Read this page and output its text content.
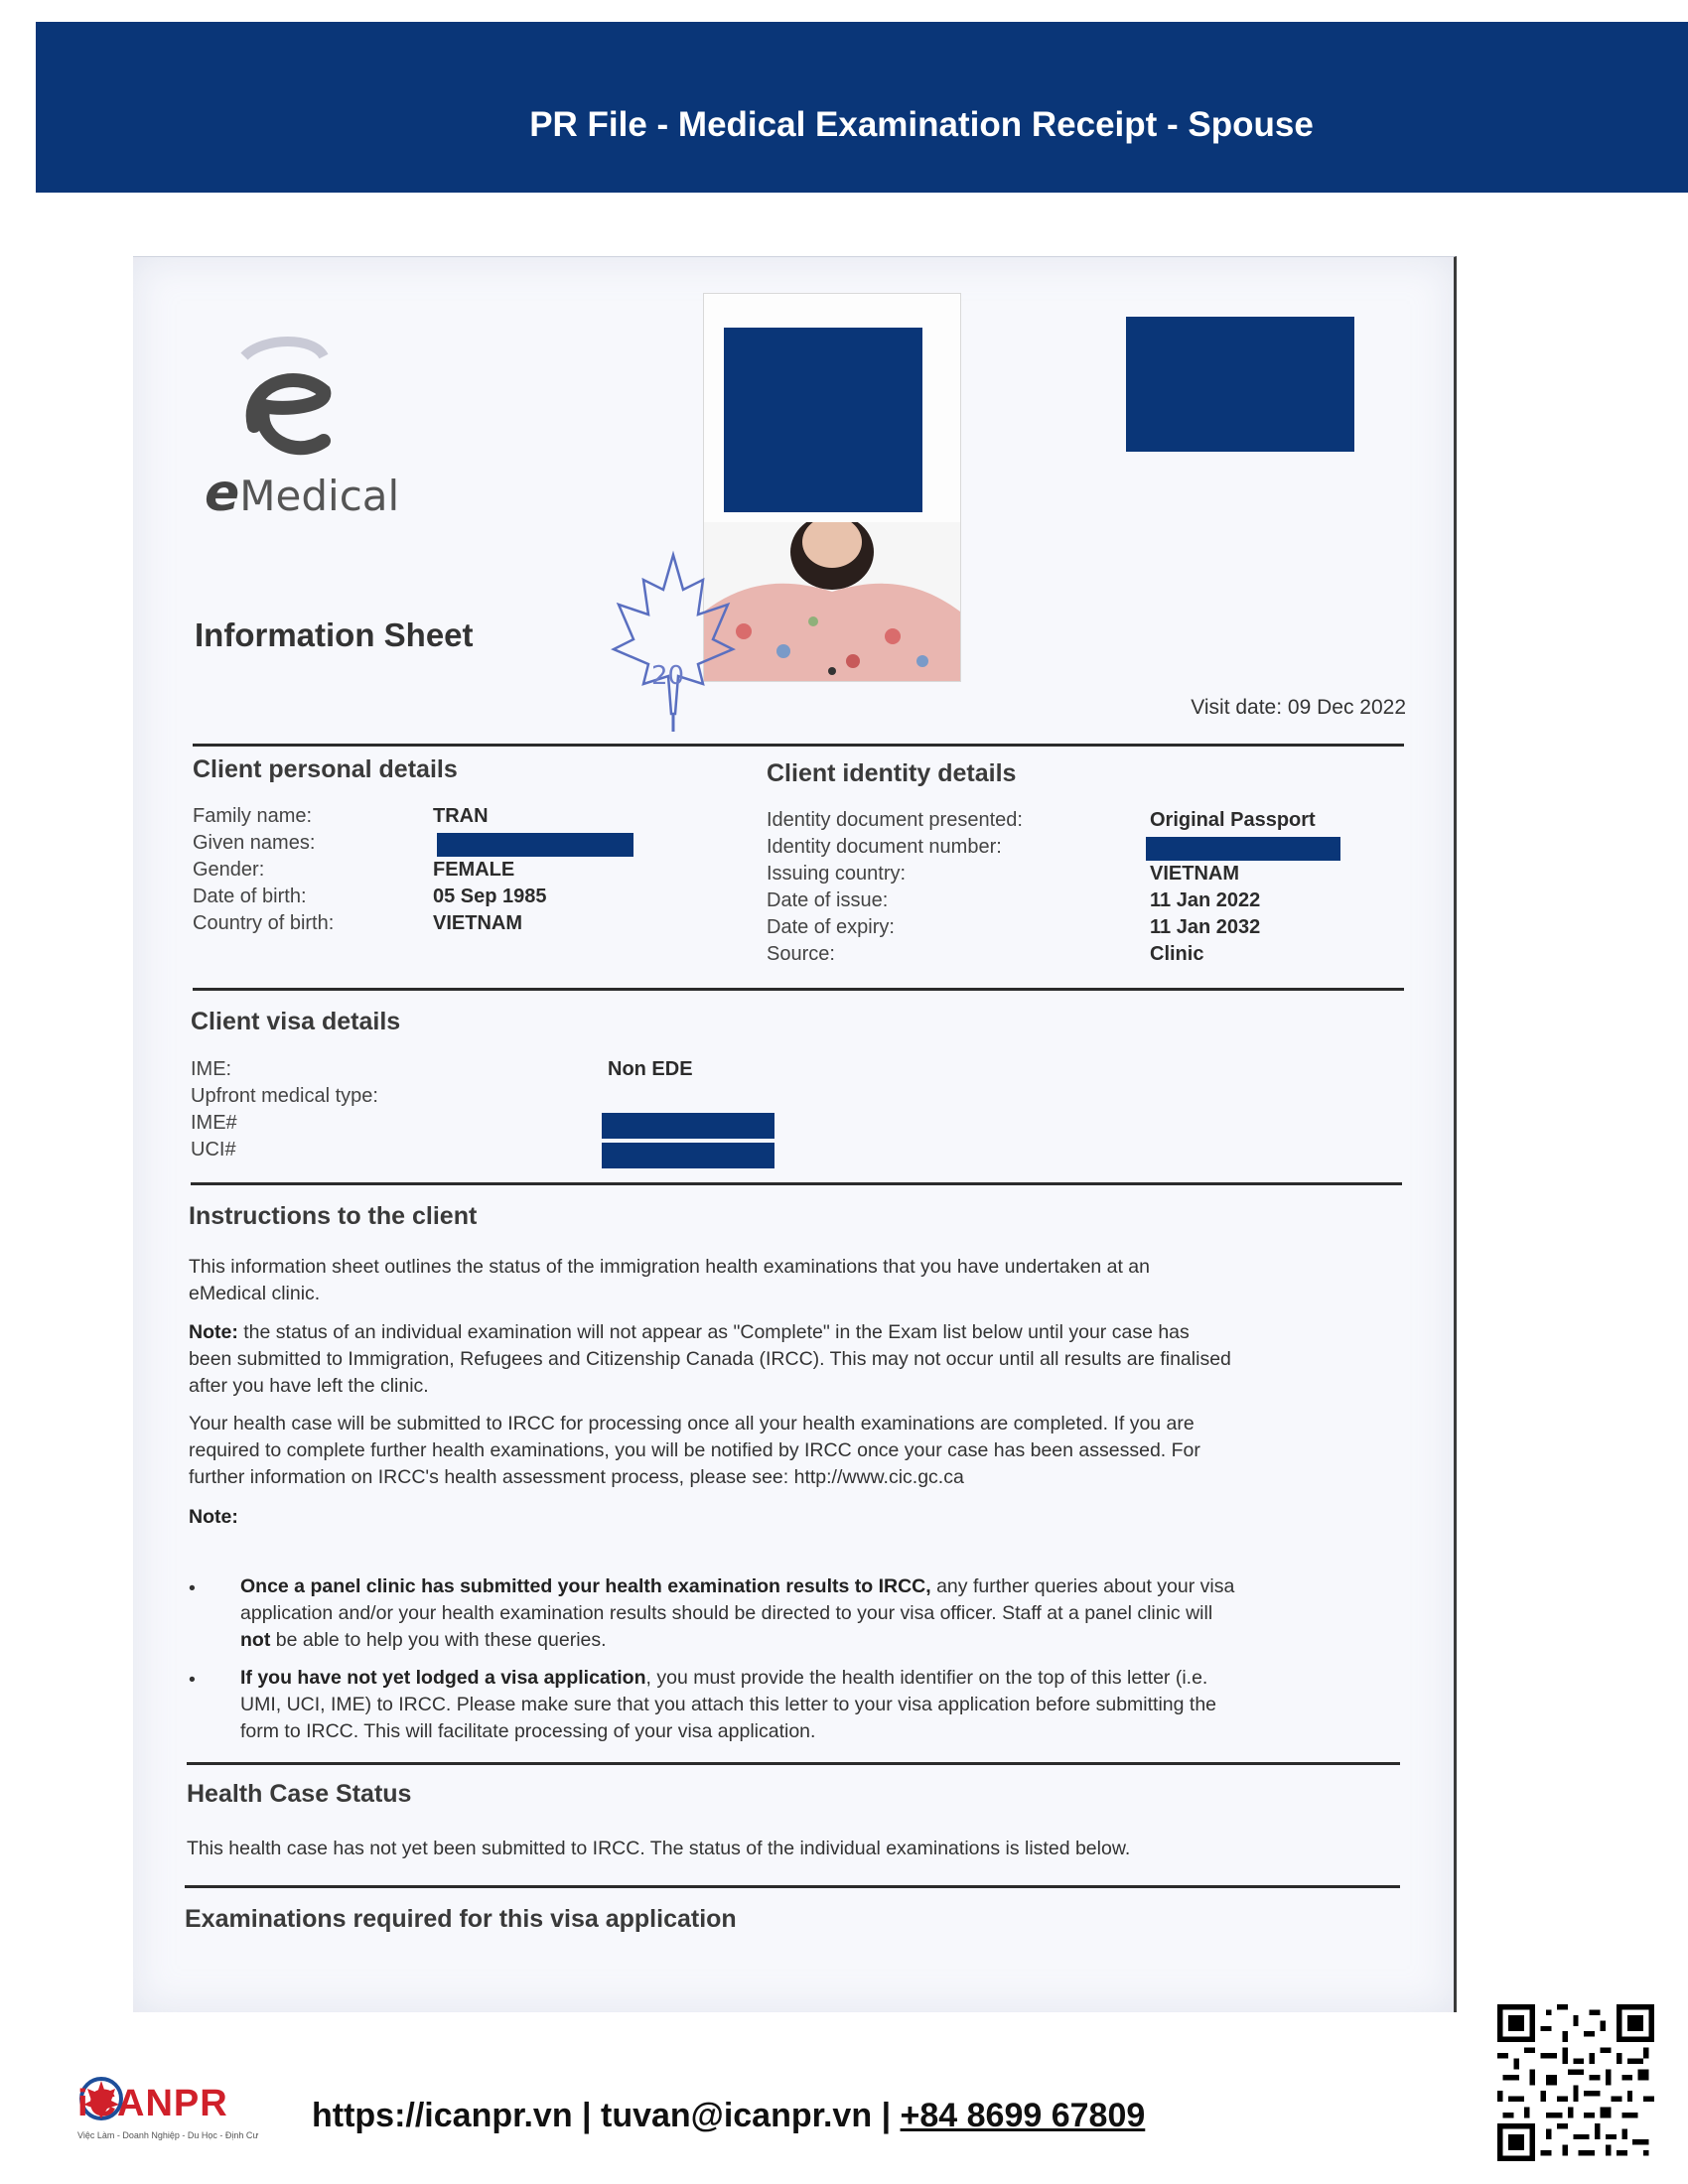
PR File - Medical Examination Receipt - Spouse
eMedical
20
Information Sheet
Visit date: 09 Dec 2022
Client personal details
Family name:	TRAN
Given names:
Gender:	FEMALE
Date of birth:	05 Sep 1985
Country of birth:	VIETNAM
Client identity details
Identity document presented:	Original Passport
Identity document number:
Issuing country:	VIETNAM
Date of issue:	11 Jan 2022
Date of expiry:	11 Jan 2032
Source:	Clinic
Client visa details
IME:	Non EDE
Upfront medical type:
IME#
UCI#
Instructions to the client
This information sheet outlines the status of the immigration health examinations that you have undertaken at an
eMedical clinic.
Note: the status of an individual examination will not appear as "Complete" in the Exam list below until your case has
been submitted to Immigration, Refugees and Citizenship Canada (IRCC). This may not occur until all results are finalised
after you have left the clinic.
Your health case will be submitted to IRCC for processing once all your health examinations are completed. If you are
required to complete further health examinations, you will be notified by IRCC once your case has been assessed. For
further information on IRCC's health assessment process, please see: http://www.cic.gc.ca
Note:
• Once a panel clinic has submitted your health examination results to IRCC, any further queries about your visa
application and/or your health examination results should be directed to your visa officer. Staff at a panel clinic will
not be able to help you with these queries.
• If you have not yet lodged a visa application, you must provide the health identifier on the top of this letter (i.e.
UMI, UCI, IME) to IRCC. Please make sure that you attach this letter to your visa application before submitting the
form to IRCC. This will facilitate processing of your visa application.
Health Case Status
This health case has not yet been submitted to IRCC. The status of the individual examinations is listed below.
Examinations required for this visa application
iCANPR
Việc Làm - Doanh Nghiệp - Du Học - Định Cư
https://icanpr.vn | tuvan@icanpr.vn | +84 8699 67809
